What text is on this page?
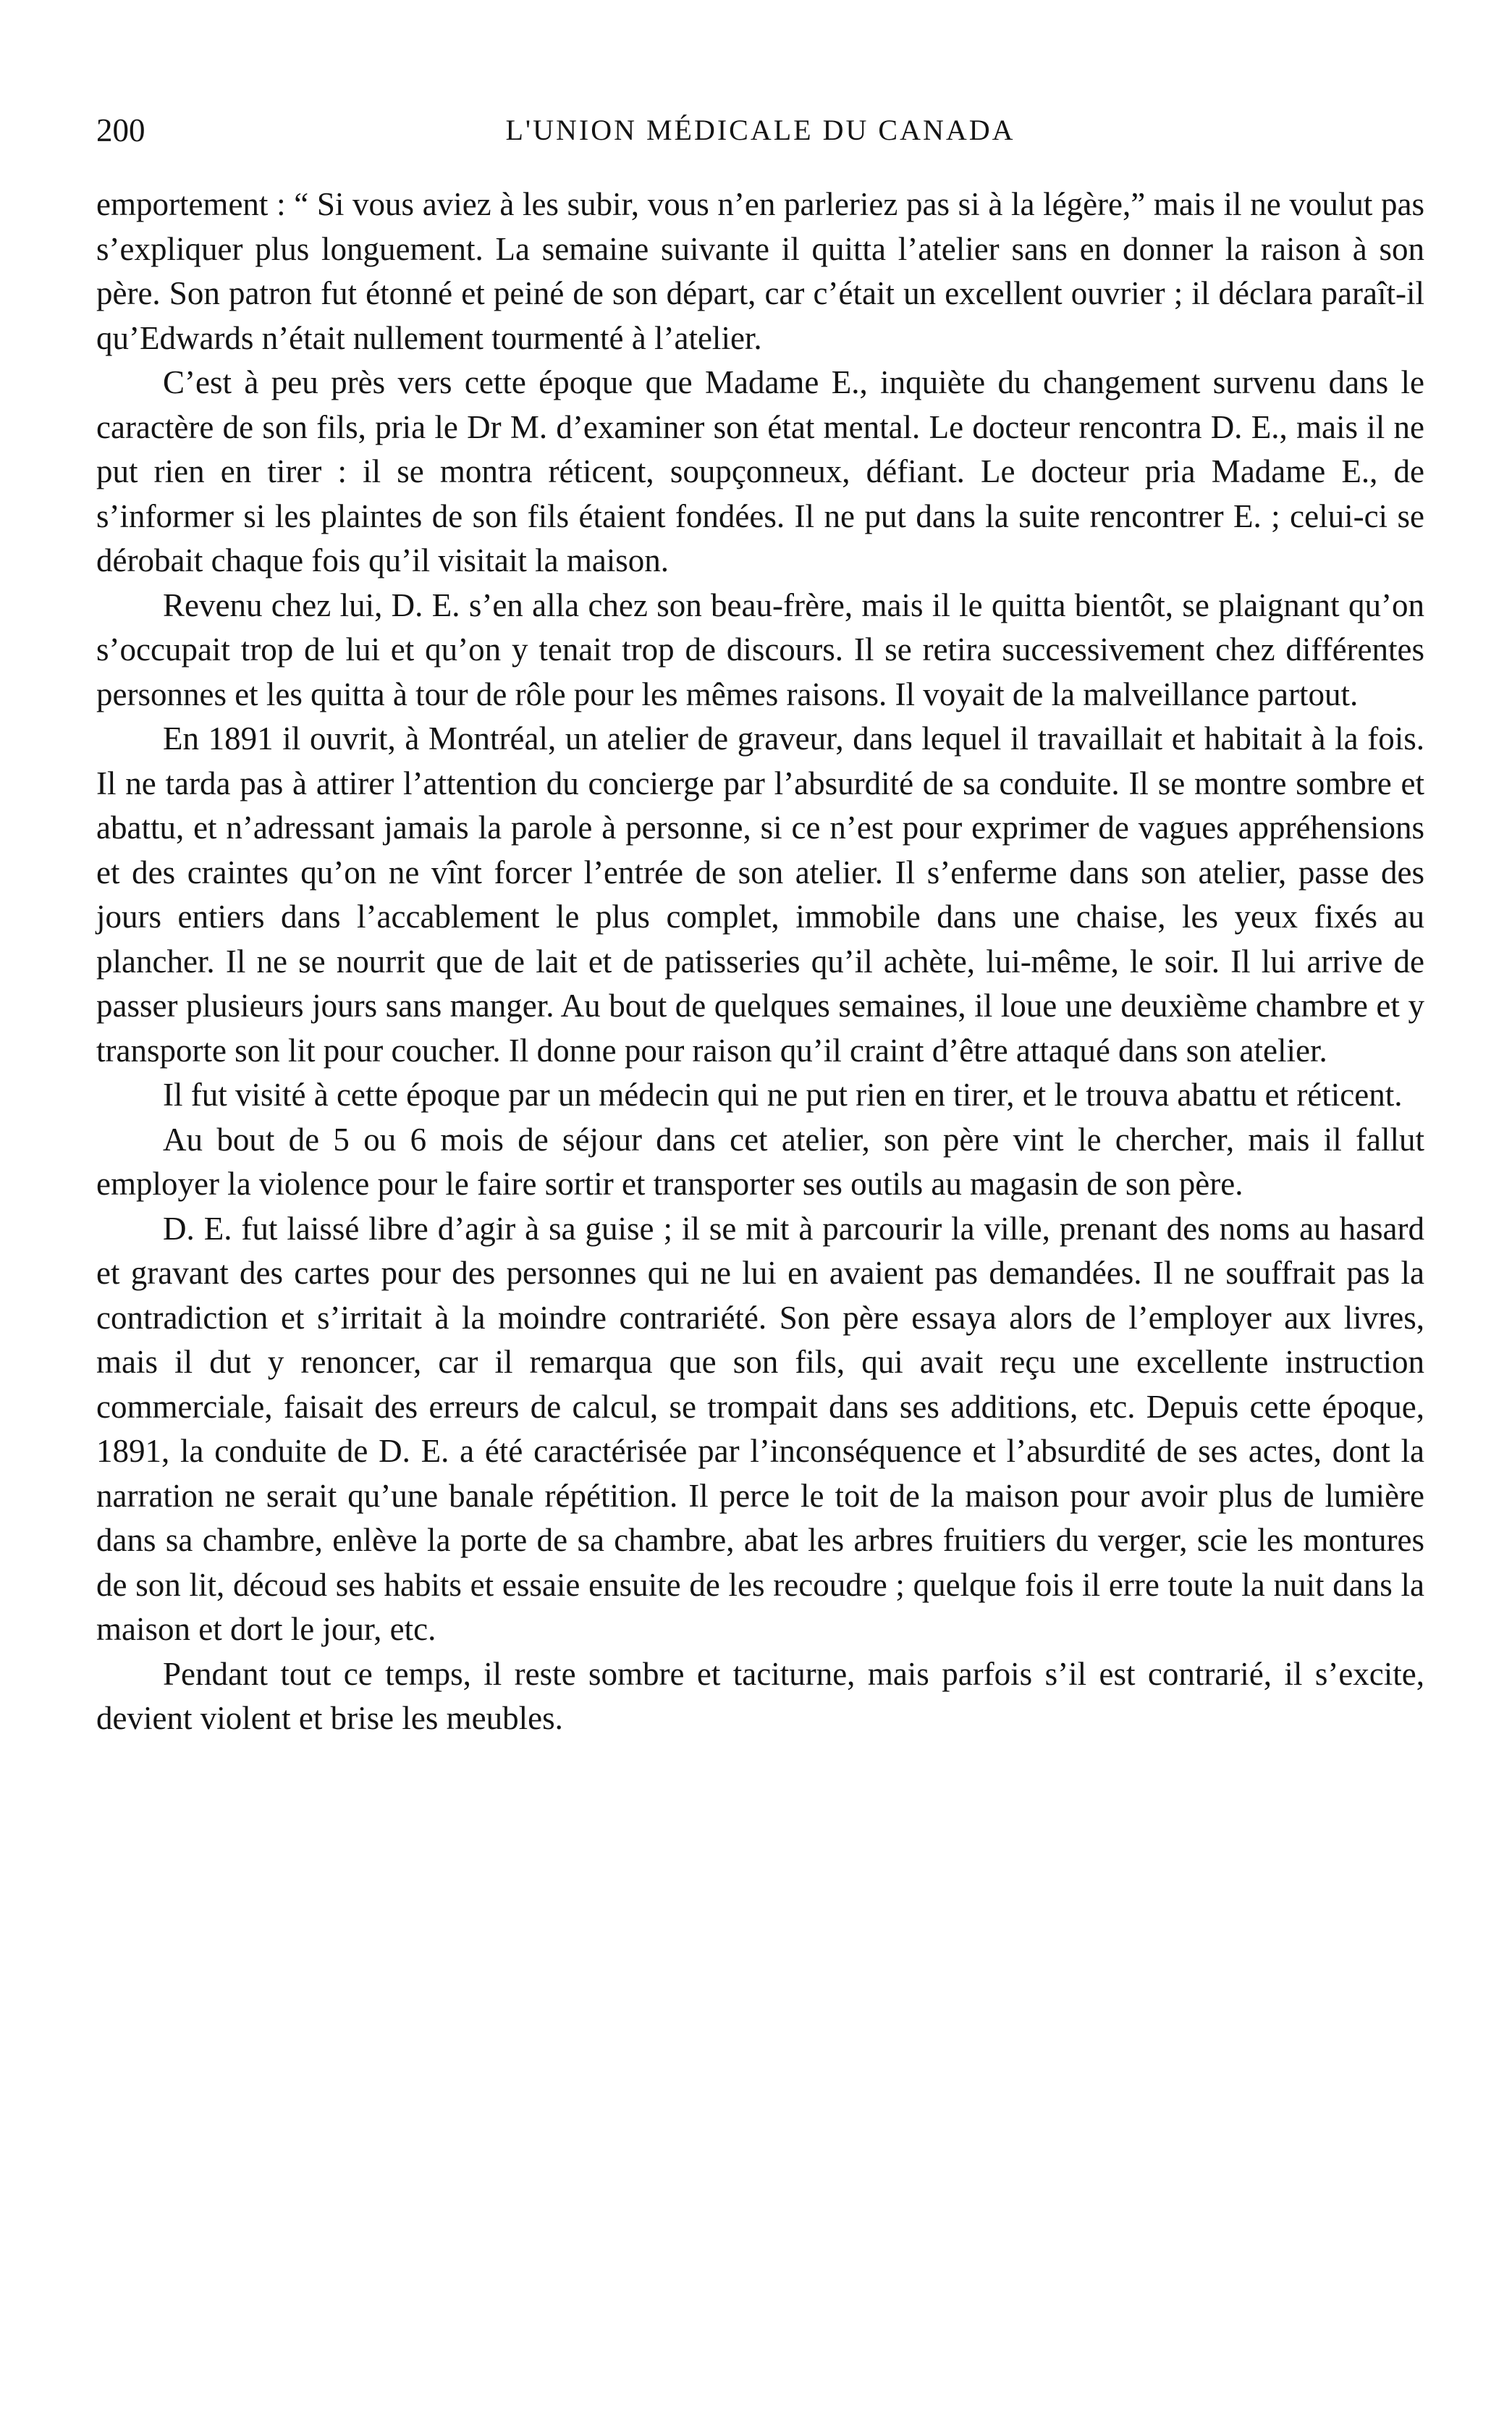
200	L'UNION MÉDICALE DU CANADA

emportement : “ Si vous aviez à les subir, vous n’en parleriez pas si à la légère,” mais il ne voulut pas s’expliquer plus longuement. La semaine suivante il quitta l’atelier sans en donner la raison à son père. Son patron fut étonné et peiné de son départ, car c’était un excellent ouvrier ; il déclara paraît-il qu’Edwards n’était nullement tourmenté à l’atelier.

C’est à peu près vers cette époque que Madame E., inquiète du changement survenu dans le caractère de son fils, pria le Dr M. d’examiner son état mental. Le docteur rencontra D. E., mais il ne put rien en tirer : il se montra réticent, soupçonneux, défiant. Le docteur pria Madame E., de s’informer si les plaintes de son fils étaient fondées. Il ne put dans la suite rencontrer E. ; celui-ci se dérobait chaque fois qu’il visitait la maison.

Revenu chez lui, D. E. s’en alla chez son beau-frère, mais il le quitta bientôt, se plaignant qu’on s’occupait trop de lui et qu’on y tenait trop de discours. Il se retira successivement chez différentes personnes et les quitta à tour de rôle pour les mêmes raisons. Il voyait de la malveillance partout.

En 1891 il ouvrit, à Montréal, un atelier de graveur, dans lequel il travaillait et habitait à la fois. Il ne tarda pas à attirer l’attention du concierge par l’absurdité de sa conduite. Il se montre sombre et abattu, et n’adressant jamais la parole à personne, si ce n’est pour exprimer de vagues appréhensions et des craintes qu’on ne vînt forcer l’entrée de son atelier. Il s’enferme dans son atelier, passe des jours entiers dans l’accablement le plus complet, immobile dans une chaise, les yeux fixés au plancher. Il ne se nourrit que de lait et de patisseries qu’il achète, lui-même, le soir. Il lui arrive de passer plusieurs jours sans manger. Au bout de quelques semaines, il loue une deuxième chambre et y transporte son lit pour coucher. Il donne pour raison qu’il craint d’être attaqué dans son atelier.

Il fut visité à cette époque par un médecin qui ne put rien en tirer, et le trouva abattu et réticent.

Au bout de 5 ou 6 mois de séjour dans cet atelier, son père vint le chercher, mais il fallut employer la violence pour le faire sortir et transporter ses outils au magasin de son père.

D. E. fut laissé libre d’agir à sa guise ; il se mit à parcourir la ville, prenant des noms au hasard et gravant des cartes pour des personnes qui ne lui en avaient pas demandées. Il ne souffrait pas la contradiction et s’irritait à la moindre contrariété. Son père essaya alors de l’employer aux livres, mais il dut y renoncer, car il remarqua que son fils, qui avait reçu une excellente instruction commerciale, faisait des erreurs de calcul, se trompait dans ses additions, etc. Depuis cette époque, 1891, la conduite de D. E. a été caractérisée par l’inconséquence et l’absurdité de ses actes, dont la narration ne serait qu’une banale répétition. Il perce le toit de la maison pour avoir plus de lumière dans sa chambre, enlève la porte de sa chambre, abat les arbres fruitiers du verger, scie les montures de son lit, découd ses habits et essaie ensuite de les recoudre ; quelque fois il erre toute la nuit dans la maison et dort le jour, etc.

Pendant tout ce temps, il reste sombre et taciturne, mais parfois s’il est contrarié, il s’excite, devient violent et brise les meubles.
